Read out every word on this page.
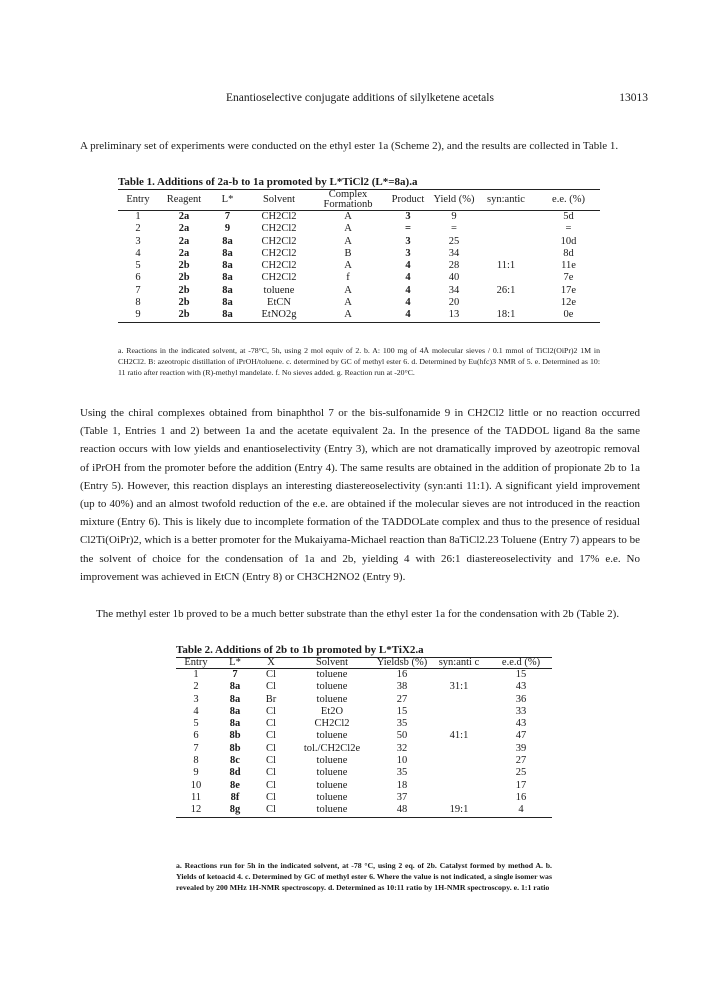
Enantioselective conjugate additions of silylketene acetals	13013

A preliminary set of experiments were conducted on the ethyl ester 1a (Scheme 2), and the results are collected in Table 1.

Table 1. Additions of 2a-b to 1a promoted by L*TiCl2 (L*=8a).a
Entry	Reagent	L*	Solvent	Complex Formationb	Product	Yield (%)	syn:antic	e.e. (%)
1	2a	7	CH2Cl2	A	3	9		5d
2	2a	9	CH2Cl2	A	=	=		=
3	2a	8a	CH2Cl2	A	3	25		10d
4	2a	8a	CH2Cl2	B	3	34		8d
5	2b	8a	CH2Cl2	A	4	28	11:1	11e
6	2b	8a	CH2Cl2	f	4	40		7e
7	2b	8a	toluene	A	4	34	26:1	17e
8	2b	8a	EtCN	A	4	20		12e
9	2b	8a	EtNO2g	A	4	13	18:1	0e

a. Reactions in the indicated solvent, at -78°C, 5h, using 2 mol equiv of 2. b. A: 100 mg of 4Å molecular sieves / 0.1 mmol of TiCl2(OiPr)2 1M in CH2Cl2. B: azeotropic distillation of iPrOH/toluene. c. determined by GC of methyl ester 6. d. Determined by Eu(hfc)3 NMR of 5. e. Determined as 10: 11 ratio after reaction with (R)-methyl mandelate. f. No sieves added. g. Reaction run at -20°C.

Using the chiral complexes obtained from binaphthol 7 or the bis-sulfonamide 9 in CH2Cl2 little or no reaction occurred (Table 1, Entries 1 and 2) between 1a and the acetate equivalent 2a. In the presence of the TADDOL ligand 8a the same reaction occurs with low yields and enantioselectivity (Entry 3), which are not dramatically improved by azeotropic removal of iPrOH from the promoter before the addition (Entry 4). The same results are obtained in the addition of propionate 2b to 1a (Entry 5). However, this reaction displays an interesting diastereoselectivity (syn:anti 11:1). A significant yield improvement (up to 40%) and an almost twofold reduction of the e.e. are obtained if the molecular sieves are not introduced in the reaction mixture (Entry 6). This is likely due to incomplete formation of the TADDOLate complex and thus to the presence of residual Cl2Ti(OiPr)2, which is a better promoter for the Mukaiyama-Michael reaction than 8aTiCl2.23 Toluene (Entry 7) appears to be the solvent of choice for the condensation of 1a and 2b, yielding 4 with 26:1 diastereoselectivity and 17% e.e. No improvement was achieved in EtCN (Entry 8) or CH3CH2NO2 (Entry 9).

The methyl ester 1b proved to be a much better substrate than the ethyl ester 1a for the condensation with 2b (Table 2).

Table 2. Additions of 2b to 1b promoted by L*TiX2.a
Entry	L*	X	Solvent	Yieldsb (%)	syn:anti c	e.e.d (%)
1	7	Cl	toluene	16		15
2	8a	Cl	toluene	38	31:1	43
3	8a	Br	toluene	27		36
4	8a	Cl	Et2O	15		33
5	8a	Cl	CH2Cl2	35		43
6	8b	Cl	toluene	50	41:1	47
7	8b	Cl	tol./CH2Cl2e	32		39
8	8c	Cl	toluene	10		27
9	8d	Cl	toluene	35		25
10	8e	Cl	toluene	18		17
11	8f	Cl	toluene	37		16
12	8g	Cl	toluene	48	19:1	4

a. Reactions run for 5h in the indicated solvent, at -78 °C, using 2 eq. of 2b. Catalyst formed by method A. b. Yields of ketoacid 4. c. Determined by GC of methyl ester 6. Where the value is not indicated, a single isomer was revealed by 200 MHz 1H-NMR spectroscopy. d. Determined as 10:11 ratio by 1H-NMR spectroscopy. e. 1:1 ratio
